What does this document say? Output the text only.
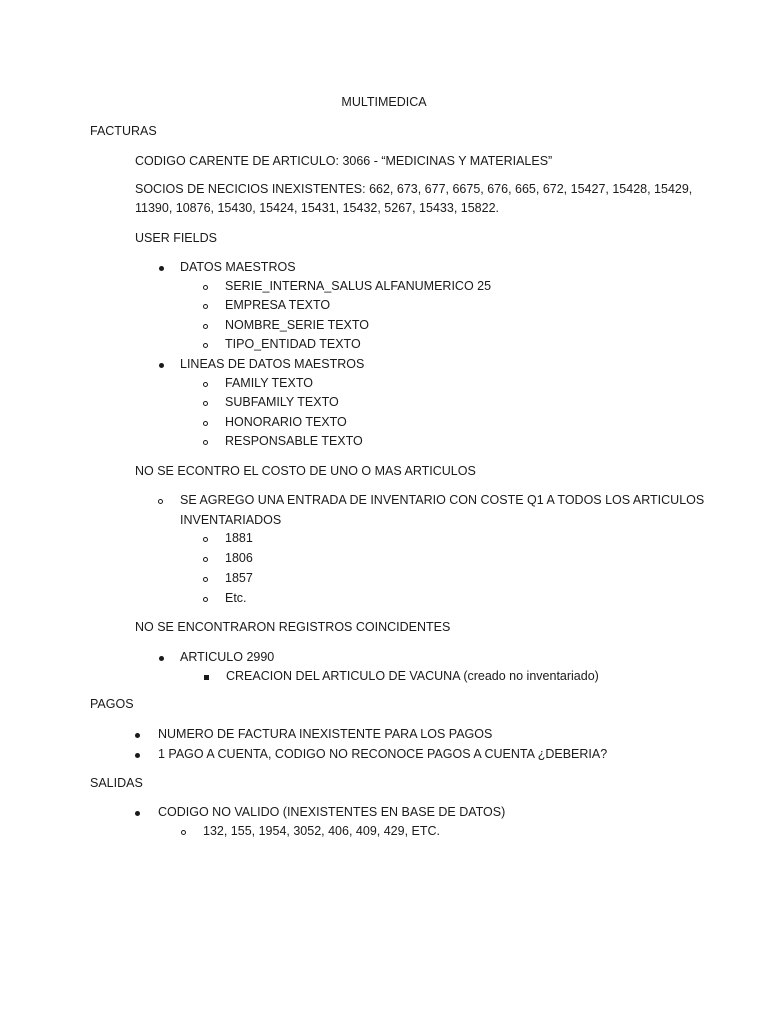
MULTIMEDICA
FACTURAS
CODIGO CARENTE DE ARTICULO: 3066 - “MEDICINAS Y MATERIALES”
SOCIOS DE NECICIOS INEXISTENTES: 662, 673, 677, 6675, 676, 665, 672, 15427, 15428, 15429,
11390, 10876, 15430, 15424, 15431, 15432, 5267, 15433, 15822.
USER FIELDS
DATOS MAESTROS
SERIE_INTERNA_SALUS ALFANUMERICO 25
EMPRESA TEXTO
NOMBRE_SERIE TEXTO
TIPO_ENTIDAD TEXTO
LINEAS DE DATOS MAESTROS
FAMILY TEXTO
SUBFAMILY TEXTO
HONORARIO TEXTO
RESPONSABLE TEXTO
NO SE ECONTRO EL COSTO DE UNO O MAS ARTICULOS
SE AGREGO UNA ENTRADA DE INVENTARIO CON COSTE Q1 A TODOS LOS ARTICULOS
INVENTARIADOS
1881
1806
1857
Etc.
NO SE ENCONTRARON REGISTROS COINCIDENTES
ARTICULO 2990
CREACION DEL ARTICULO DE VACUNA (creado no inventariado)
PAGOS
NUMERO DE FACTURA INEXISTENTE PARA LOS PAGOS
1 PAGO A CUENTA, CODIGO NO RECONOCE PAGOS A CUENTA ¿DEBERIA?
SALIDAS
CODIGO NO VALIDO (INEXISTENTES EN BASE DE DATOS)
132, 155, 1954, 3052, 406, 409, 429, ETC.
